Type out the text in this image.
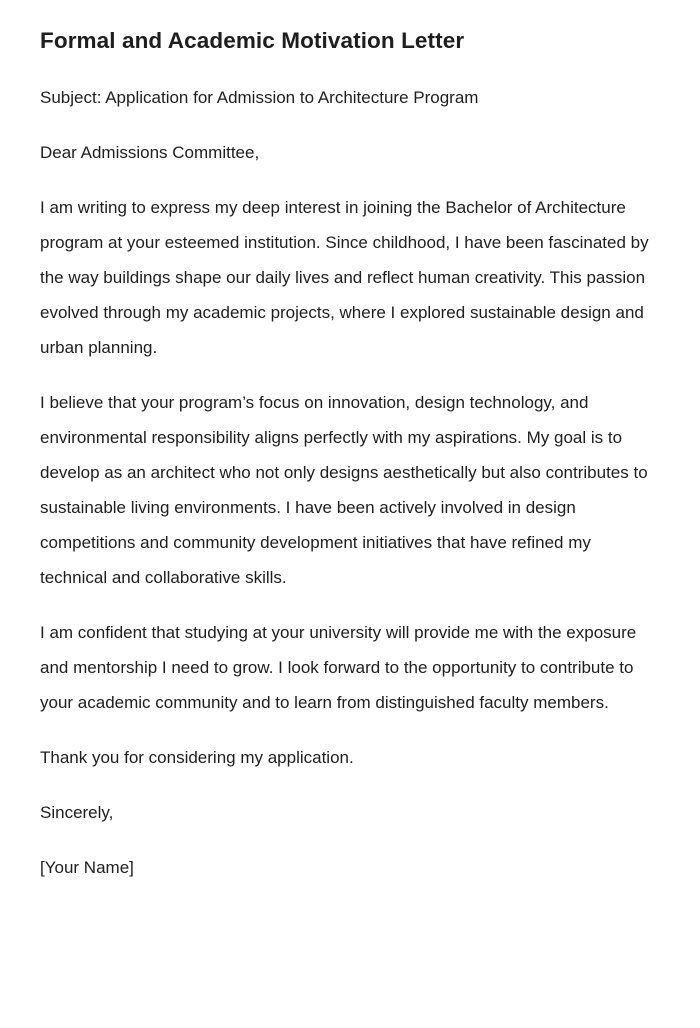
Formal and Academic Motivation Letter

Subject: Application for Admission to Architecture Program

Dear Admissions Committee,

I am writing to express my deep interest in joining the Bachelor of Architecture program at your esteemed institution. Since childhood, I have been fascinated by the way buildings shape our daily lives and reflect human creativity. This passion evolved through my academic projects, where I explored sustainable design and urban planning.

I believe that your program’s focus on innovation, design technology, and environmental responsibility aligns perfectly with my aspirations. My goal is to develop as an architect who not only designs aesthetically but also contributes to sustainable living environments. I have been actively involved in design competitions and community development initiatives that have refined my technical and collaborative skills.

I am confident that studying at your university will provide me with the exposure and mentorship I need to grow. I look forward to the opportunity to contribute to your academic community and to learn from distinguished faculty members.

Thank you for considering my application.

Sincerely,

[Your Name]
